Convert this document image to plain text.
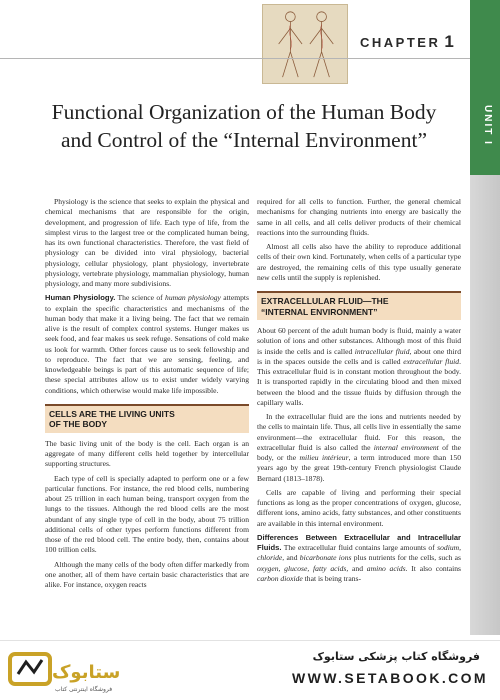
UNIT I
CHAPTER 1
Functional Organization of the Human Body
and Control of the “Internal Environment”

Physiology is the science that seeks to explain the physical and chemical mechanisms that are responsible for the origin, development, and progression of life. Each type of life, from the simplest virus to the largest tree or the complicated human being, has its own functional characteristics. Therefore, the vast field of physiology can be divided into viral physiology, bacterial physiology, cellular physiology, plant physiology, invertebrate physiology, vertebrate physiology, mammalian physiology, human physiology, and many more subdivisions.

Human Physiology. The science of human physiology attempts to explain the specific characteristics and mechanisms of the human body that make it a living being. The fact that we remain alive is the result of complex control systems. Hunger makes us seek food, and fear makes us seek refuge. Sensations of cold make us look for warmth. Other forces cause us to seek fellowship and to reproduce. The fact that we are sensing, feeling, and knowledgeable beings is part of this automatic sequence of life; these special attributes allow us to exist under widely varying conditions, which otherwise would make life impossible.

CELLS ARE THE LIVING UNITS
OF THE BODY

The basic living unit of the body is the cell. Each organ is an aggregate of many different cells held together by intercellular supporting structures.

Each type of cell is specially adapted to perform one or a few particular functions. For instance, the red blood cells, numbering about 25 trillion in each human being, transport oxygen from the lungs to the tissues. Although the red blood cells are the most abundant of any single type of cell in the body, about 75 trillion additional cells of other types perform functions different from those of the red blood cell. The entire body, then, contains about 100 trillion cells.

Although the many cells of the body often differ markedly from one another, all of them have certain basic characteristics that are alike. For instance, oxygen reacts

required for all cells to function. Further, the general chemical mechanisms for changing nutrients into energy are basically the same in all cells, and all cells deliver products of their chemical reactions into the surrounding fluids.

Almost all cells also have the ability to reproduce additional cells of their own kind. Fortunately, when cells of a particular type are destroyed, the remaining cells of this type usually generate new cells until the supply is replenished.

EXTRACELLULAR FLUID—THE
“INTERNAL ENVIRONMENT”

About 60 percent of the adult human body is fluid, mainly a water solution of ions and other substances. Although most of this fluid is inside the cells and is called intracellular fluid, about one third is in the spaces outside the cells and is called extracellular fluid. This extracellular fluid is in constant motion throughout the body. It is transported rapidly in the circulating blood and then mixed between the blood and the tissue fluids by diffusion through the capillary walls.

In the extracellular fluid are the ions and nutrients needed by the cells to maintain life. Thus, all cells live in essentially the same environment—the extracellular fluid. For this reason, the extracellular fluid is also called the internal environment of the body, or the milieu intérieur, a term introduced more than 150 years ago by the great 19th-century French physiologist Claude Bernard (1813–1878).

Cells are capable of living and performing their special functions as long as the proper concentrations of oxygen, glucose, different ions, amino acids, fatty substances, and other constituents are available in this internal environment.

Differences Between Extracellular and Intracellular Fluids. The extracellular fluid contains large amounts of sodium, chloride, and bicarbonate ions plus nutrients for the cells, such as oxygen, glucose, fatty acids, and amino acids. It also contains carbon dioxide that is being trans-

ستابوک
فروشگاه اینترنتی کتاب
فروشگاه کتاب پزشکی ستابوک
WWW.SETABOOK.COM
